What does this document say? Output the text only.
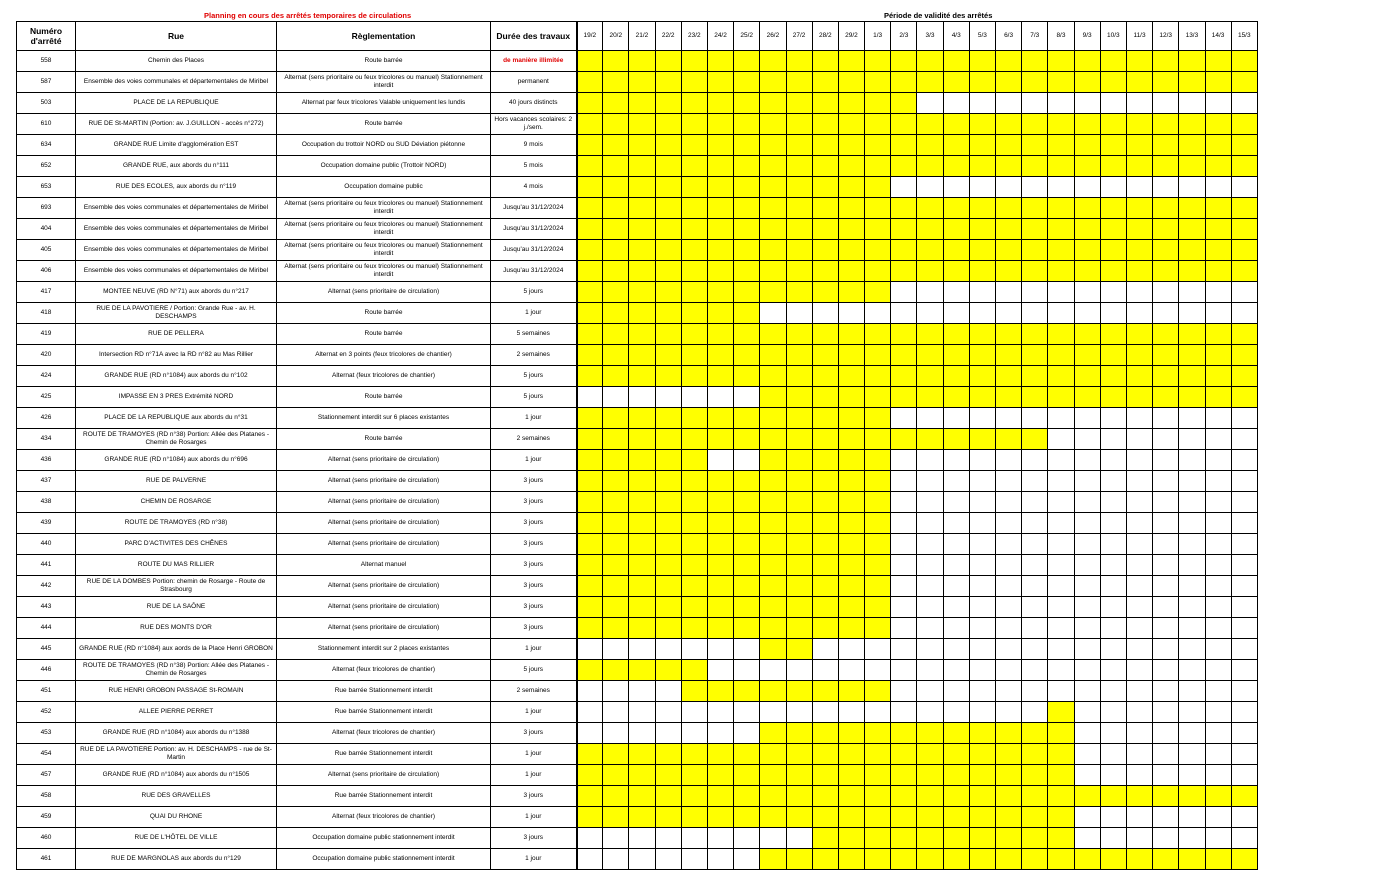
Planning en cours des arrêtés temporaires de circulations	Période de validité des arrêtés
Numéro d'arrêté	Rue	Règlementation	Durée des travaux	19/2	20/2	21/2	22/2	23/2	24/2	25/2	26/2	27/2	28/2	29/2	1/3	2/3	3/3	4/3	5/3	6/3	7/3	8/3	9/3	10/3	11/3	12/3	13/3	14/3	15/3
558	Chemin des Places	Route barrée	de manière illimitée																										
587	Ensemble des voies communales et départementales de Miribel	Alternat (sens prioritaire ou feux tricolores ou manuel) Stationnement interdit	permanent																										
503	PLACE DE LA REPUBLIQUE	Alternat par feux tricolores Valable uniquement les lundis	40 jours distincts																										
610	RUE DE St-MARTIN (Portion: av. J.GUILLON - accès n°272)	Route barrée	Hors vacances scolaires: 2 j./sem.																										
634	GRANDE RUE Limite d'agglomération EST	Occupation du trottoir NORD ou SUD Déviation piétonne	9 mois																										
652	GRANDE RUE, aux abords du n°111	Occupation domaine public (Trottoir NORD)	5 mois																										
653	RUE DES ECOLES, aux abords du n°119	Occupation domaine public	4 mois																										
693	Ensemble des voies communales et départementales de Miribel	Alternat (sens prioritaire ou feux tricolores ou manuel) Stationnement interdit	Jusqu'au 31/12/2024																										
404	Ensemble des voies communales et départementales de Miribel	Alternat (sens prioritaire ou feux tricolores ou manuel) Stationnement interdit	Jusqu'au 31/12/2024																										
405	Ensemble des voies communales et départementales de Miribel	Alternat (sens prioritaire ou feux tricolores ou manuel) Stationnement interdit	Jusqu'au 31/12/2024																										
406	Ensemble des voies communales et départementales de Miribel	Alternat (sens prioritaire ou feux tricolores ou manuel) Stationnement interdit	Jusqu'au 31/12/2024																										
417	MONTEE NEUVE (RD N°71) aux abords du n°217	Alternat (sens prioritaire de circulation)	5 jours																										
418	RUE DE LA PAVOTIERE / Portion: Grande Rue - av. H. DESCHAMPS	Route barrée	1 jour																										
419	RUE DE PELLERA	Route barrée	5 semaines																										
420	Intersection RD n°71A avec la RD n°82 au Mas Rillier	Alternat en 3 points (feux tricolores de chantier)	2 semaines																										
424	GRANDE RUE (RD n°1084) aux abords du n°102	Alternat (feux tricolores de chantier)	5 jours																										
425	IMPASSE EN 3 PRES Extrémité NORD	Route barrée	5 jours																										
426	PLACE DE LA REPUBLIQUE aux abords du n°31	Stationnement interdit sur 6 places existantes	1 jour																										
434	ROUTE DE TRAMOYES (RD n°38) Portion: Allée des Platanes - Chemin de Rosarges	Route barrée	2 semaines																										
436	GRANDE RUE (RD n°1084) aux abords du n°696	Alternat (sens prioritaire de circulation)	1 jour																										
437	RUE DE PALVERNE	Alternat (sens prioritaire de circulation)	3 jours																										
438	CHEMIN DE ROSARGE	Alternat (sens prioritaire de circulation)	3 jours																										
439	ROUTE DE TRAMOYES (RD n°38)	Alternat (sens prioritaire de circulation)	3 jours																										
440	PARC D'ACTIVITES DES CHÊNES	Alternat (sens prioritaire de circulation)	3 jours																										
441	ROUTE DU MAS RILLIER	Alternat manuel	3 jours																										
442	RUE DE LA DOMBES Portion: chemin de Rosarge - Route de Strasbourg	Alternat (sens prioritaire de circulation)	3 jours																										
443	RUE DE LA SAÔNE	Alternat (sens prioritaire de circulation)	3 jours																										
444	RUE DES MONTS D'OR	Alternat (sens prioritaire de circulation)	3 jours																										
445	GRANDE RUE (RD n°1084) aux aords de la Place Henri GROBON	Stationnement interdit sur 2 places existantes	1 jour																										
446	ROUTE DE TRAMOYES (RD n°38) Portion: Allée des Platanes - Chemin de Rosarges	Alternat (feux tricolores de chantier)	5 jours																										
451	RUE HENRI GROBON PASSAGE St-ROMAIN	Rue barrée Stationnement interdit	2 semaines																										
452	ALLEE PIERRE PERRET	Rue barrée Stationnement interdit	1 jour																										
453	GRANDE RUE (RD n°1084) aux abords du n°1388	Alternat (feux tricolores de chantier)	3 jours																										
454	RUE DE LA PAVOTIERE Portion: av. H. DESCHAMPS - rue de St-Martin	Rue barrée Stationnement interdit	1 jour																										
457	GRANDE RUE (RD n°1084) aux abords du n°1505	Alternat (sens prioritaire de circulation)	1 jour																										
458	RUE DES GRAVELLES	Rue barrée Stationnement interdit	3 jours																										
459	QUAI DU RHONE	Alternat (feux tricolores de chantier)	1 jour																										
460	RUE DE L'HÔTEL DE VILLE	Occupation domaine public stationnement interdit	3 jours																										
461	RUE DE MARGNOLAS aux abords du n°129	Occupation domaine public stationnement interdit	1 jour																										
